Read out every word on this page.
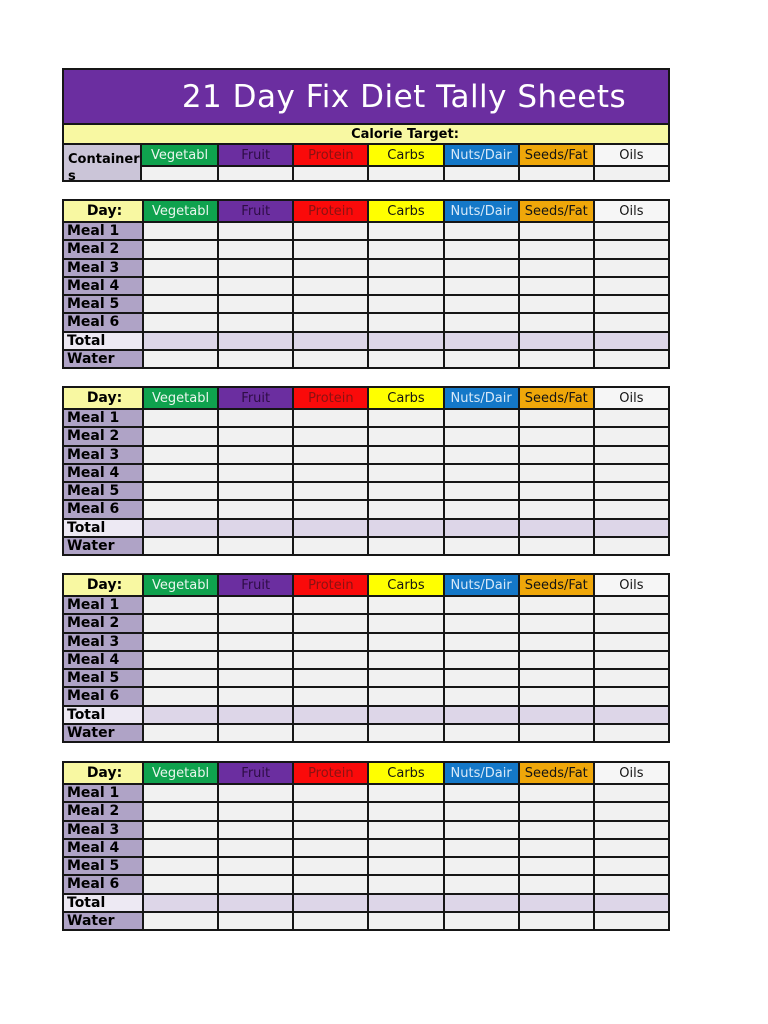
21 Day Fix Diet Tally Sheets
Calorie Target:
Containers
Vegetabl	Fruit	Protein	Carbs	Nuts/Dair	Seeds/Fat	Oils
Day:	Vegetabl	Fruit	Protein	Carbs	Nuts/Dair	Seeds/Fat	Oils
Meal 1
Meal 2
Meal 3
Meal 4
Meal 5
Meal 6
Total
Water
Day:	Vegetabl	Fruit	Protein	Carbs	Nuts/Dair	Seeds/Fat	Oils
Meal 1
Meal 2
Meal 3
Meal 4
Meal 5
Meal 6
Total
Water
Day:	Vegetabl	Fruit	Protein	Carbs	Nuts/Dair	Seeds/Fat	Oils
Meal 1
Meal 2
Meal 3
Meal 4
Meal 5
Meal 6
Total
Water
Day:	Vegetabl	Fruit	Protein	Carbs	Nuts/Dair	Seeds/Fat	Oils
Meal 1
Meal 2
Meal 3
Meal 4
Meal 5
Meal 6
Total
Water
